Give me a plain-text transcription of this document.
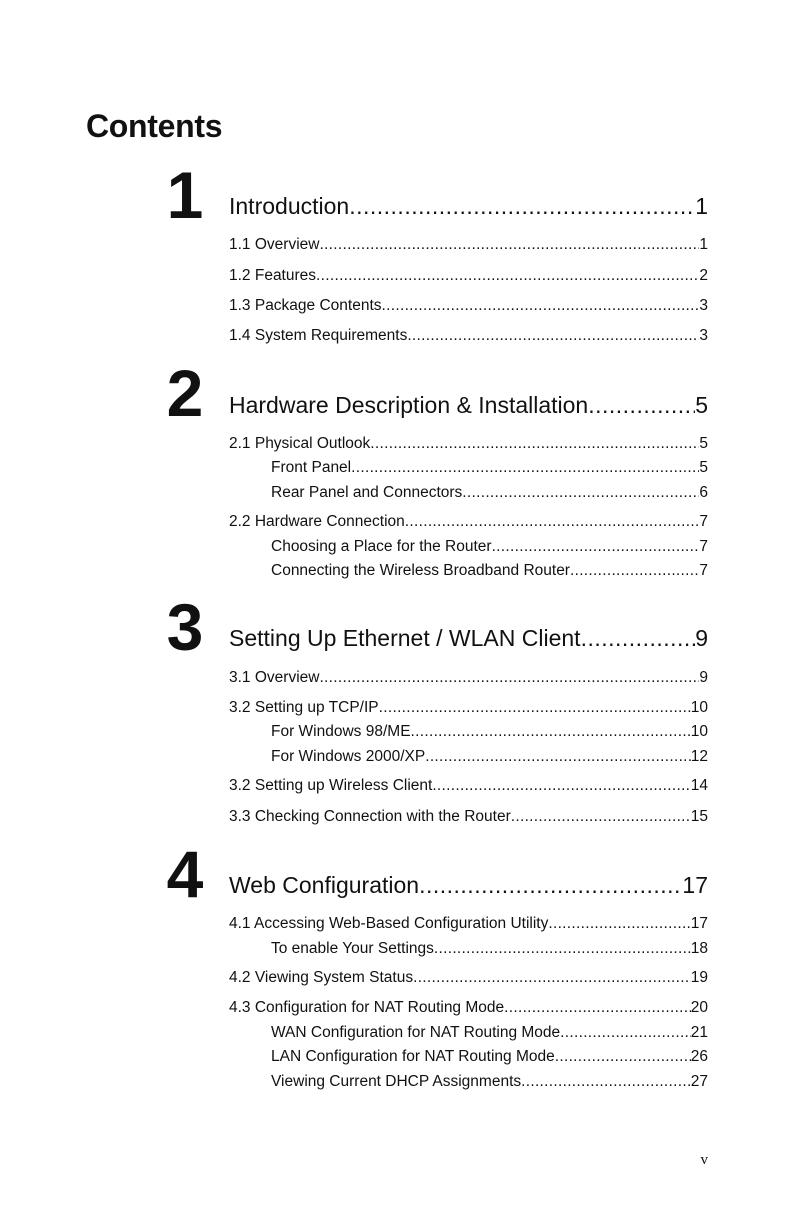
Contents
1 Introduction .....	1
1.1 Overview .....	1
1.2 Features .....	2
1.3 Package Contents .....	3
1.4 System Requirements .....	3
2 Hardware Description & Installation .....	5
2.1 Physical Outlook .....	5
Front Panel .....	5
Rear Panel and Connectors .....	6
2.2 Hardware Connection .....	7
Choosing a Place for the Router .....	7
Connecting the Wireless Broadband Router .....	7
3 Setting Up Ethernet / WLAN Client .....	9
3.1 Overview .....	9
3.2 Setting up TCP/IP .....	10
For Windows 98/ME .....	10
For Windows 2000/XP .....	12
3.2 Setting up Wireless Client .....	14
3.3 Checking Connection with the Router .....	15
4 Web Configuration .....	17
4.1 Accessing Web-Based Configuration Utility .....	17
To enable Your Settings .....	18
4.2 Viewing System Status .....	19
4.3 Configuration for NAT Routing Mode .....	20
WAN Configuration for NAT Routing Mode .....	21
LAN Configuration for NAT Routing Mode .....	26
Viewing Current DHCP Assignments .....	27
v
